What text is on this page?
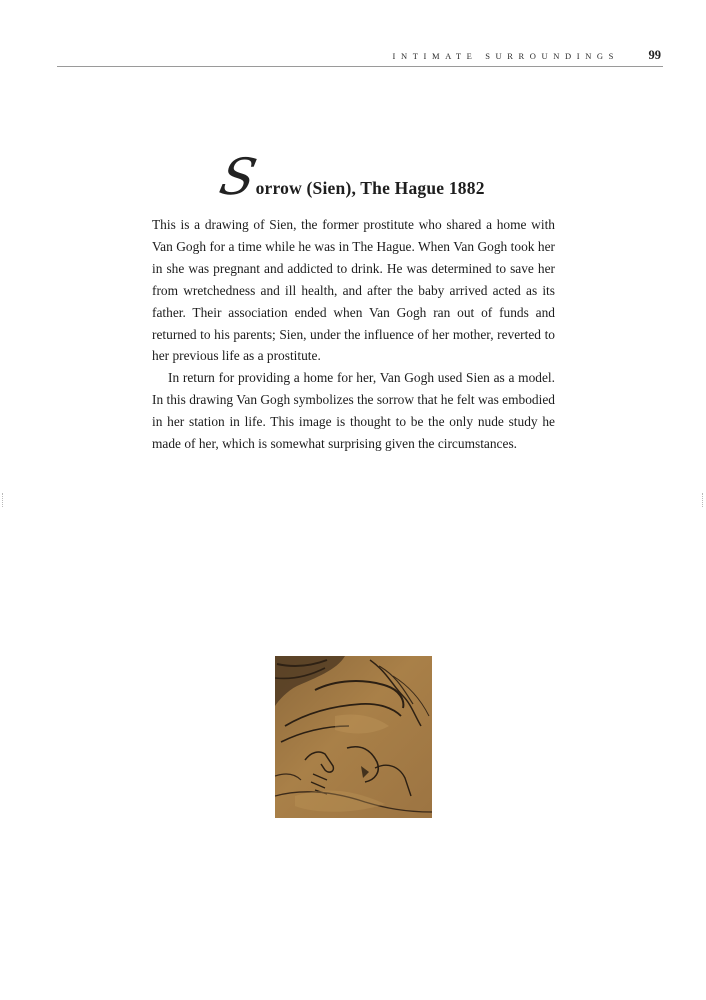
INTIMATE SURROUNDINGS 99
Sorrow (Sien), The Hague 1882

This is a drawing of Sien, the former prostitute who shared a home with Van Gogh for a time while he was in The Hague. When Van Gogh took her in she was pregnant and addicted to drink. He was determined to save her from wretchedness and ill health, and after the baby arrived acted as its father. Their association ended when Van Gogh ran out of funds and returned to his parents; Sien, under the influence of her mother, reverted to her previous life as a prostitute.

In return for providing a home for her, Van Gogh used Sien as a model. In this drawing Van Gogh symbolizes the sorrow that he felt was embodied in her station in life. This image is thought to be the only nude study he made of her, which is somewhat surprising given the circumstances.
